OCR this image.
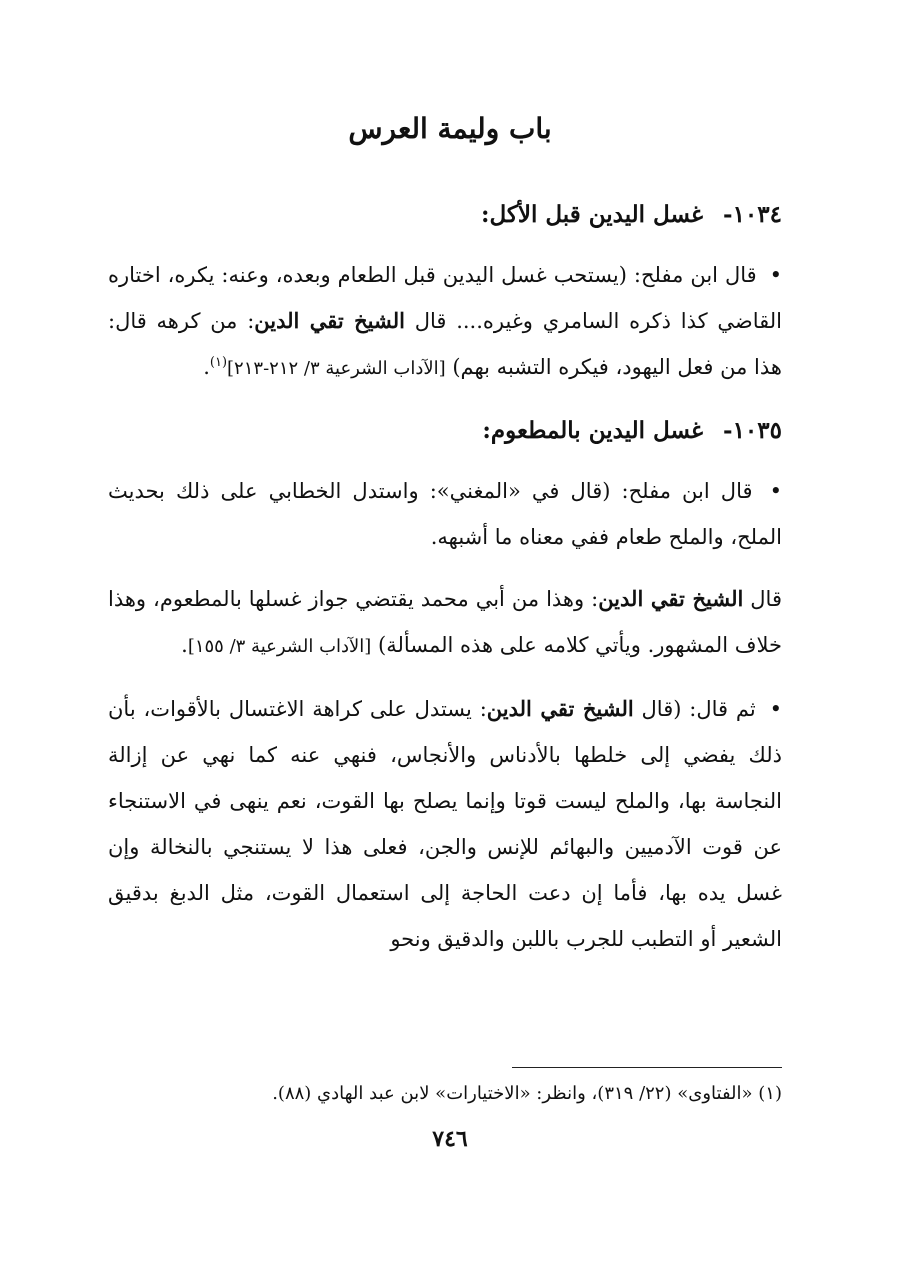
باب وليمة العرس
١٠٣٤- غسل اليدين قبل الأكل:

• قال ابن مفلح: (يستحب غسل اليدين قبل الطعام وبعده، وعنه: يكره، اختاره القاضي كذا ذكره السامري وغيره.... قال الشيخ تقي الدين: من كرهه قال: هذا من فعل اليهود، فيكره التشبه بهم) [الآداب الشرعية ٣/ ٢١٢-٢١٣]$^{(١)}$.

١٠٣٥- غسل اليدين بالمطعوم:

• قال ابن مفلح: (قال في «المغني»: واستدل الخطابي على ذلك بحديث الملح، والملح طعام ففي معناه ما أشبهه.

قال الشيخ تقي الدين: وهذا من أبي محمد يقتضي جواز غسلها بالمطعوم، وهذا خلاف المشهور. ويأتي كلامه على هذه المسألة) [الآداب الشرعية ٣/ ١٥٥].

• ثم قال: (قال الشيخ تقي الدين: يستدل على كراهة الاغتسال بالأقوات، بأن ذلك يفضي إلى خلطها بالأدناس والأنجاس، فنهي عنه كما نهي عن إزالة النجاسة بها، والملح ليست قوتا وإنما يصلح بها القوت، نعم ينهى في الاستنجاء عن قوت الآدميين والبهائم للإنس والجن، فعلى هذا لا يستنجي بالنخالة وإن غسل يده بها، فأما إن دعت الحاجة إلى استعمال القوت، مثل الدبغ بدقيق الشعير أو التطبب للجرب باللبن والدقيق ونحو

(١) «الفتاوى» (٢٢/ ٣١٩)، وانظر: «الاختيارات» لابن عبد الهادي (٨٨).

٧٤٦
